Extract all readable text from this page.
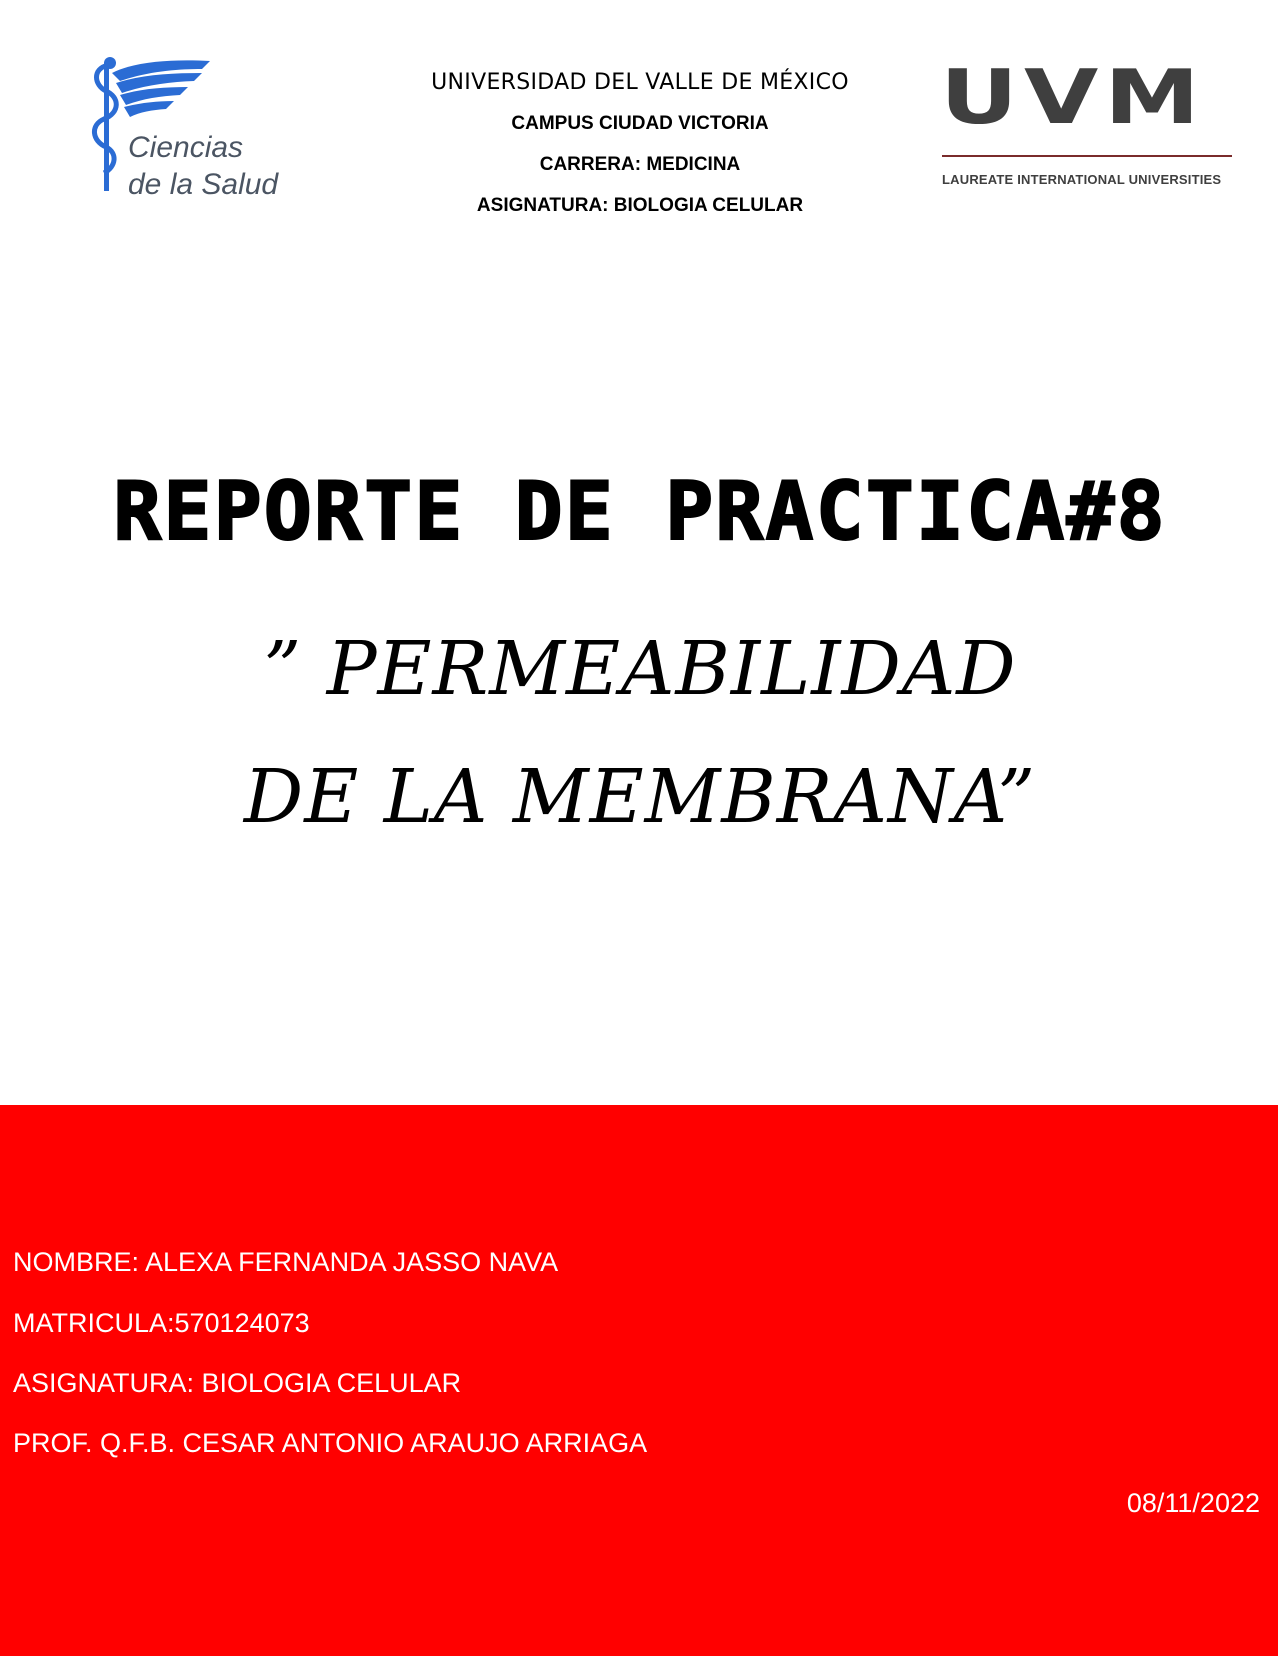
Ciencias
de la Salud
UNIVERSIDAD DEL VALLE DE MÉXICO
CAMPUS CIUDAD VICTORIA
CARRERA: MEDICINA
ASIGNATURA: BIOLOGIA CELULAR
UVM
LAUREATE INTERNATIONAL UNIVERSITIES
REPORTE DE PRACTICA#8
” PERMEABILIDAD DE LA MEMBRANA”
NOMBRE: ALEXA FERNANDA JASSO NAVA
MATRICULA:570124073
ASIGNATURA: BIOLOGIA CELULAR
PROF. Q.F.B. CESAR ANTONIO ARAUJO ARRIAGA
08/11/2022
